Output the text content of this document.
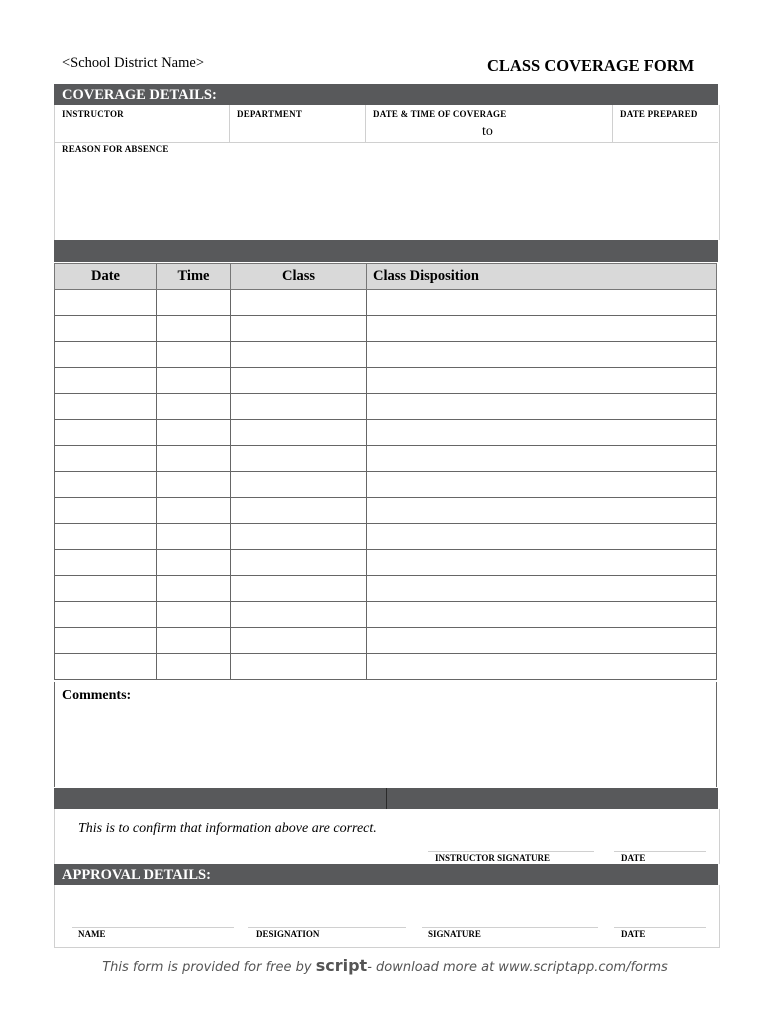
<School District Name>	CLASS COVERAGE FORM
COVERAGE DETAILS:
INSTRUCTOR	DEPARTMENT	DATE & TIME OF COVERAGE	DATE PREPARED
to
REASON FOR ABSENCE
Date	Time	Class	Class Disposition

Comments:
This is to confirm that information above are correct.
INSTRUCTOR SIGNATURE	DATE
APPROVAL DETAILS:
NAME	DESIGNATION	SIGNATURE	DATE
This form is provided for free by script- download more at www.scriptapp.com/forms
